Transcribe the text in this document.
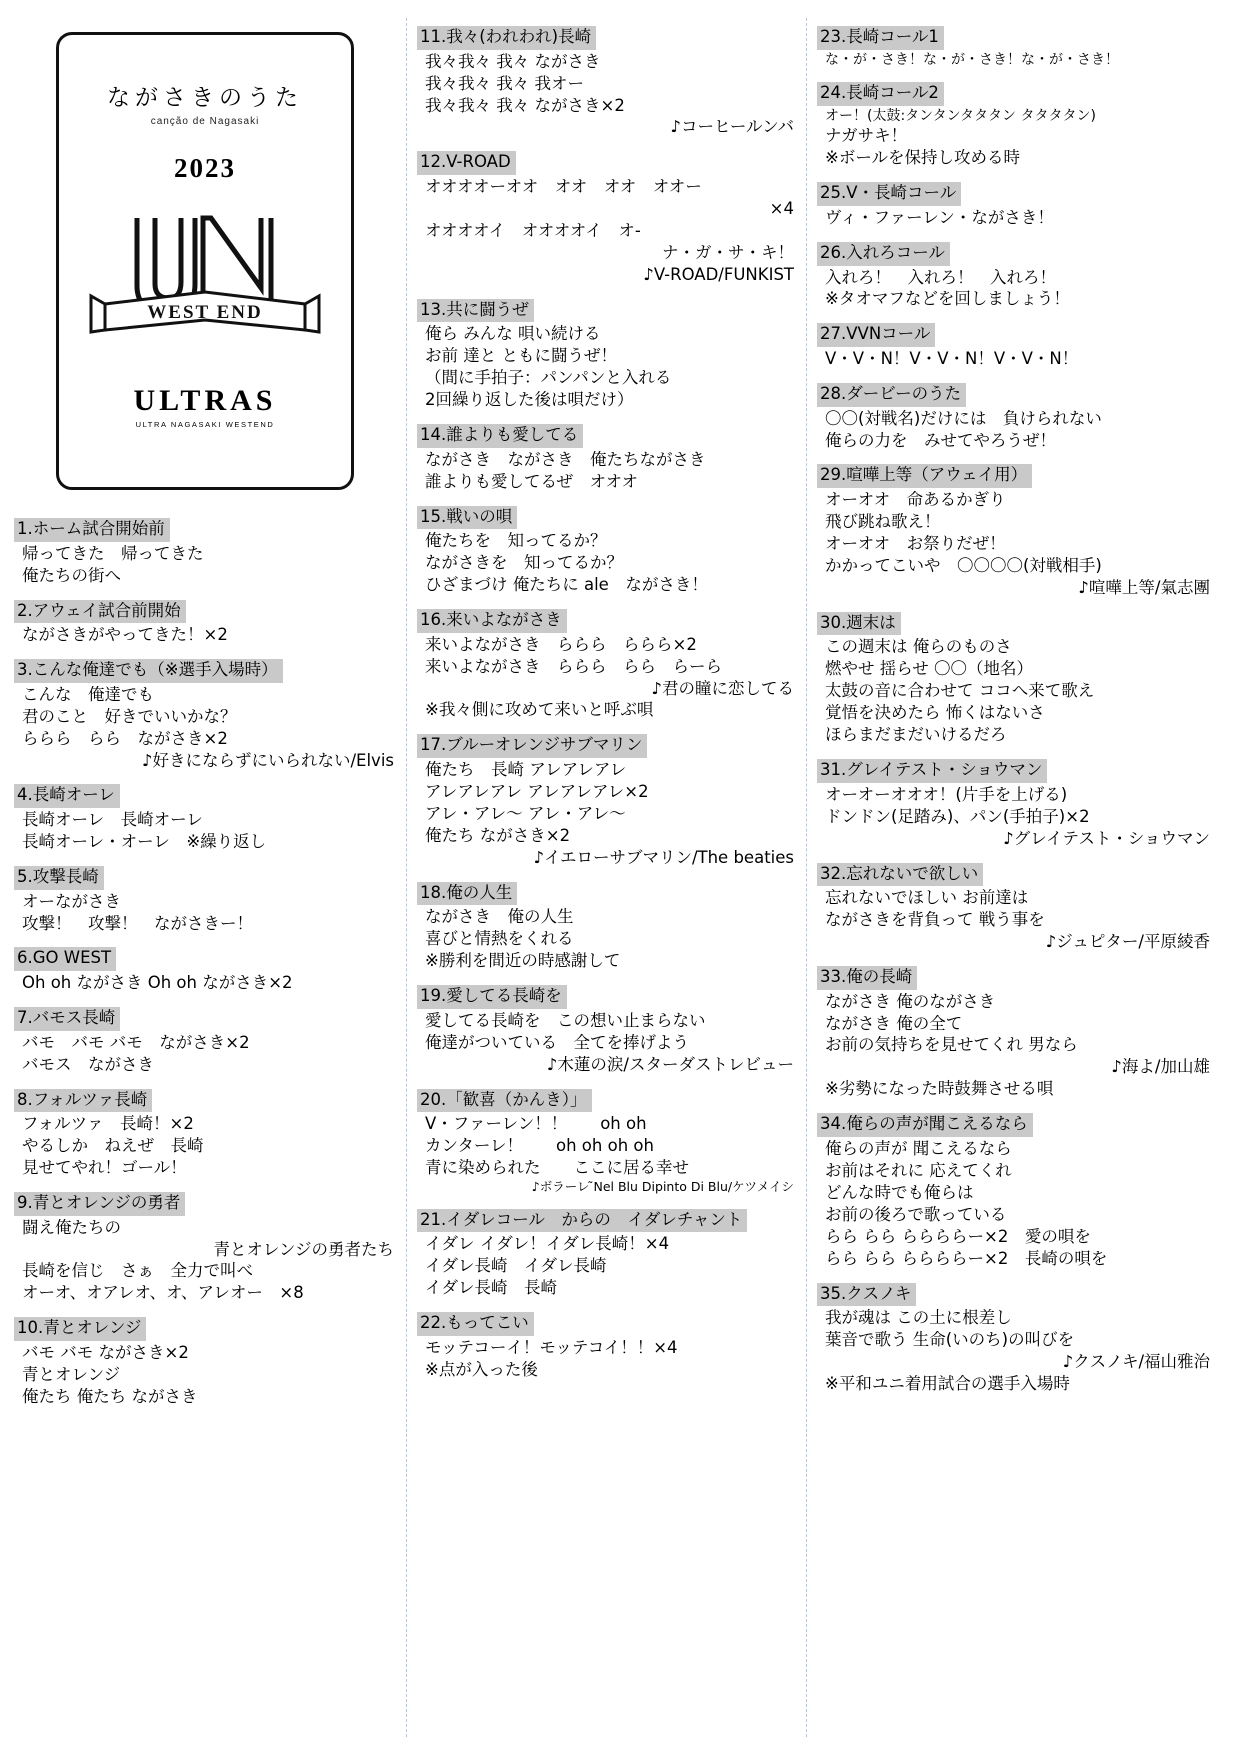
ながさきのうた
canção de Nagasaki
2023
WEST END
ULTRAS
ULTRA NAGASAKI WESTEND
1.ホーム試合開始前
帰ってきた　帰ってきた
俺たちの街へ
2.アウェイ試合前開始
ながさきがやってきた！×2
3.こんな俺達でも（※選手入場時）
こんな　俺達でも
君のこと　好きでいいかな？
ららら　らら　ながさき×2
♪好きにならずにいられない/Elvis
4.長崎オーレ
長崎オーレ　長崎オーレ
長崎オーレ・オーレ　※繰り返し
5.攻撃長崎
オーながさき
攻撃！　攻撃！　ながさきー！
6.GO WEST
Oh oh ながさき Oh oh ながさき×2
7.バモス長崎
バモ　バモ バモ　ながさき×2
バモス　ながさき
8.フォルツァ長崎
フォルツァ　長崎！×2
やるしか　ねえぜ　長崎
見せてやれ！ゴール！
9.青とオレンジの勇者
闘え俺たちの
青とオレンジの勇者たち
長崎を信じ　さぁ　全力で叫べ
オーオ、オアレオ、オ、アレオー　×8
10.青とオレンジ
バモ バモ ながさき×2
青とオレンジ
俺たち 俺たち ながさき
11.我々(われわれ)長崎
我々我々 我々 ながさき
我々我々 我々 我オー
我々我々 我々 ながさき×2
♪コーヒールンバ
12.V-ROAD
オオオオーオオ　オオ　オオ　オオー
×4
オオオオイ　オオオオイ　オ-
ナ・ガ・サ・キ！
♪V-ROAD/FUNKIST
13.共に闘うぜ
俺ら みんな 唄い続ける
お前 達と ともに闘うぜ！
（間に手拍子：パンパンと入れる
2回繰り返した後は唄だけ）
14.誰よりも愛してる
ながさき　ながさき　俺たちながさき
誰よりも愛してるぜ　オオオ
15.戦いの唄
俺たちを　知ってるか？
ながさきを　知ってるか？
ひざまづけ 俺たちに ale　ながさき！
16.来いよながさき
来いよながさき　ららら　ららら×2
来いよながさき　ららら　らら　らーら
♪君の瞳に恋してる
※我々側に攻めて来いと呼ぶ唄
17.ブルーオレンジサブマリン
俺たち　長崎 アレアレアレ
アレアレアレ アレアレアレ×2
アレ・アレ〜 アレ・アレ〜
俺たち ながさき×2
♪イエローサブマリン/The beaties
18.俺の人生
ながさき　俺の人生
喜びと情熱をくれる
※勝利を間近の時感謝して
19.愛してる長崎を
愛してる長崎を　この想い止まらない
俺達がついている　全てを捧げよう
♪木蓮の涙/スターダストレビュー
20.「歓喜（かんき）」
V・ファーレン！！　　oh oh
カンターレ！　　oh oh oh oh
青に染められた　　ここに居る幸せ
♪ボラーレ ̃Nel Blu Dipinto Di Blu/ケツメイシ
21.イダレコール　からの　イダレチャント
イダレ イダレ！イダレ長崎！×4
イダレ長崎　イダレ長崎
イダレ長崎　長崎
22.もってこい
モッテコーイ！モッテコイ！！×4
※点が入った後
23.長崎コール1
な・が・さき！な・が・さき！な・が・さき！
24.長崎コール2
オー！(太鼓:タンタンタタタン タタタタン)
ナガサキ！
※ボールを保持し攻める時
25.V・長崎コール
ヴィ・ファーレン・ながさき！
26.入れろコール
入れろ！　入れろ！　入れろ！
※タオマフなどを回しましょう！
27.VVNコール
V・V・N！V・V・N！V・V・N！
28.ダービーのうた
〇〇(対戦名)だけには　負けられない
俺らの力を　みせてやろうぜ！
29.喧嘩上等（アウェイ用）
オーオオ　命あるかぎり
飛び跳ね歌え！
オーオオ　お祭りだぜ！
かかってこいや　〇〇〇〇(対戦相手)
♪喧嘩上等/氣志團
30.週末は
この週末は 俺らのものさ
燃やせ 揺らせ 〇〇（地名）
太鼓の音に合わせて ココへ来て歌え
覚悟を決めたら 怖くはないさ
ほらまだまだいけるだろ
31.グレイテスト・ショウマン
オーオーオオオ！(片手を上げる)
ドンドン(足踏み)、パン(手拍子)×2
♪グレイテスト・ショウマン
32.忘れないで欲しい
忘れないでほしい お前達は
ながさきを背負って 戦う事を
♪ジュピター/平原綾香
33.俺の長崎
ながさき 俺のながさき
ながさき 俺の全て
お前の気持ちを見せてくれ 男なら
♪海よ/加山雄
※劣勢になった時鼓舞させる唄
34.俺らの声が聞こえるなら
俺らの声が 聞こえるなら
お前はそれに 応えてくれ
どんな時でも俺らは
お前の後ろで歌っている
らら らら ららららー×2　愛の唄を
らら らら ららららー×2　長崎の唄を
35.クスノキ
我が魂は この土に根差し
葉音で歌う 生命(いのち)の叫びを
♪クスノキ/福山雅治
※平和ユニ着用試合の選手入場時
